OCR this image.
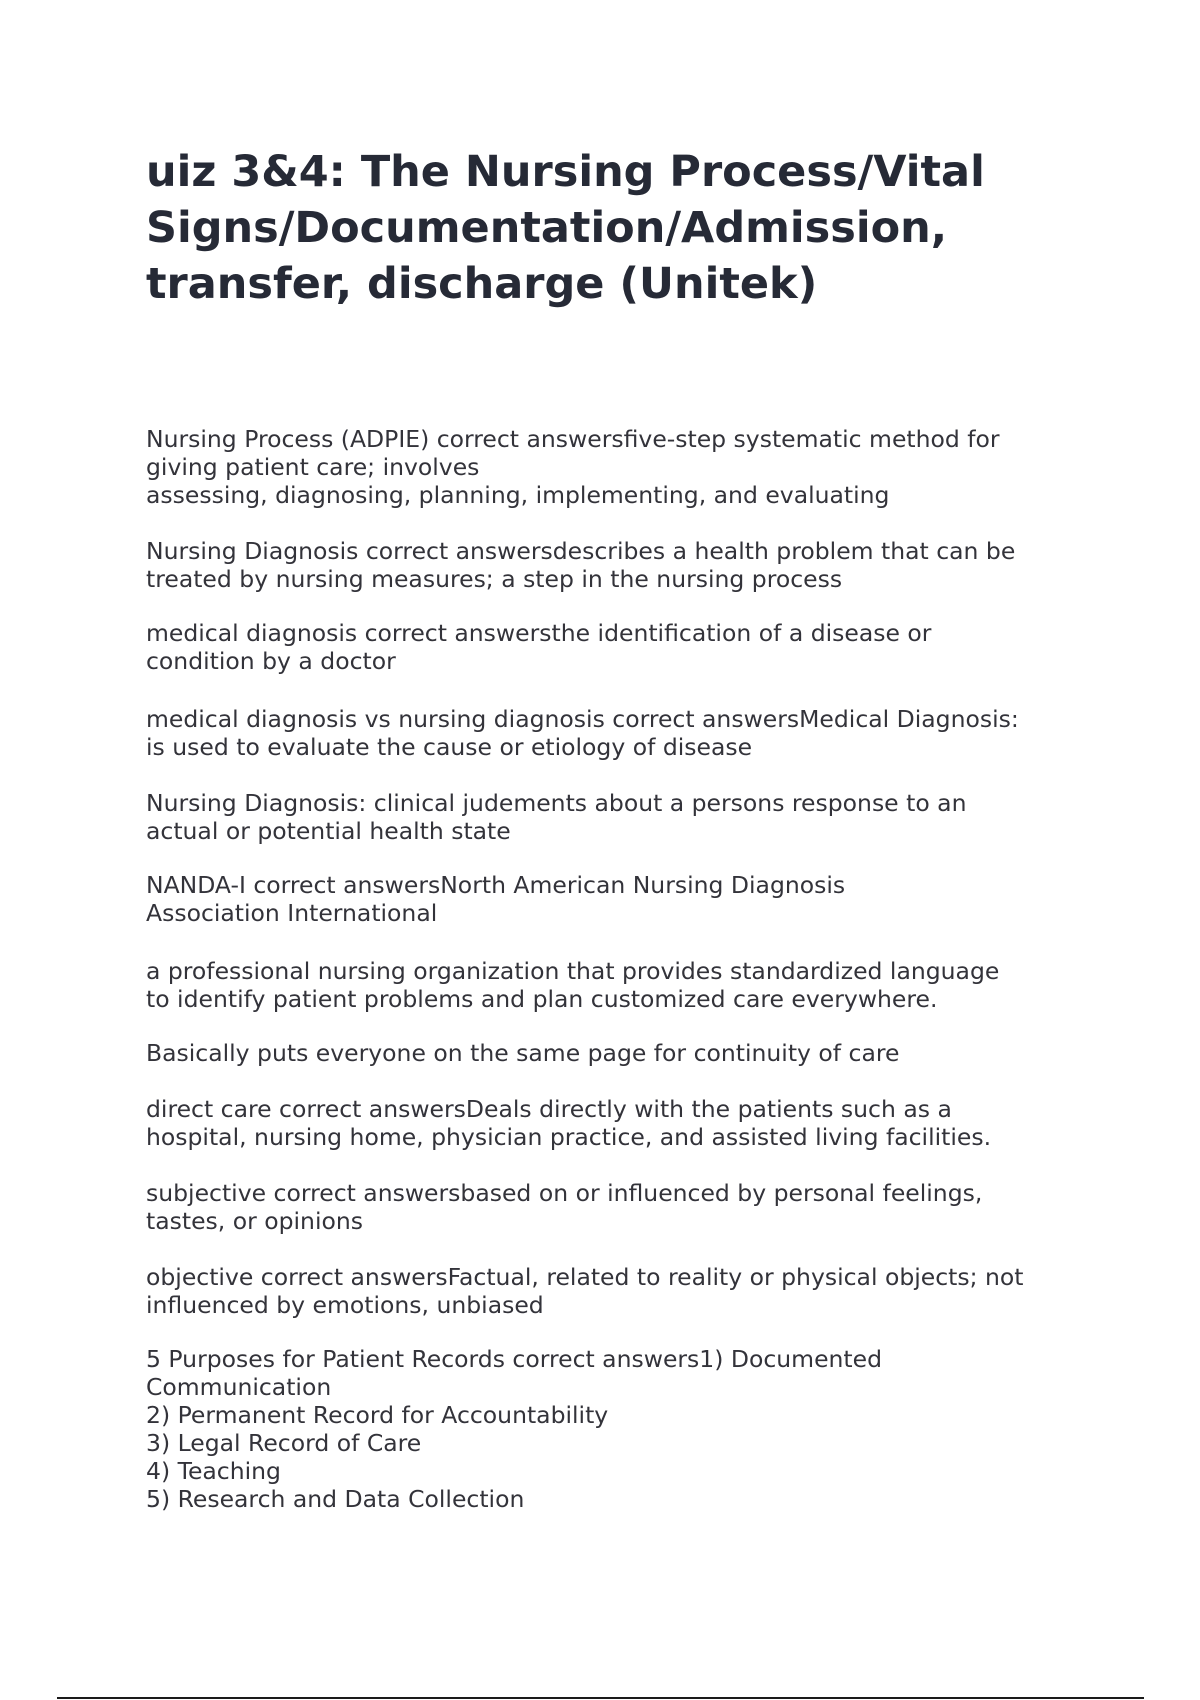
uiz 3&4: The Nursing Process/Vital
Signs/Documentation/Admission,
transfer, discharge (Unitek)

Nursing Process (ADPIE) correct answersfive-step systematic method for
giving patient care; involves
assessing, diagnosing, planning, implementing, and evaluating

Nursing Diagnosis correct answersdescribes a health problem that can be
treated by nursing measures; a step in the nursing process

medical diagnosis correct answersthe identification of a disease or
condition by a doctor

medical diagnosis vs nursing diagnosis correct answersMedical Diagnosis:
is used to evaluate the cause or etiology of disease

Nursing Diagnosis: clinical judements about a persons response to an
actual or potential health state

NANDA-I correct answersNorth American Nursing Diagnosis
Association International

a professional nursing organization that provides standardized language
to identify patient problems and plan customized care everywhere.

Basically puts everyone on the same page for continuity of care

direct care correct answersDeals directly with the patients such as a
hospital, nursing home, physician practice, and assisted living facilities.

subjective correct answersbased on or influenced by personal feelings,
tastes, or opinions

objective correct answersFactual, related to reality or physical objects; not
influenced by emotions, unbiased

5 Purposes for Patient Records correct answers1) Documented
Communication
2) Permanent Record for Accountability
3) Legal Record of Care
4) Teaching
5) Research and Data Collection
